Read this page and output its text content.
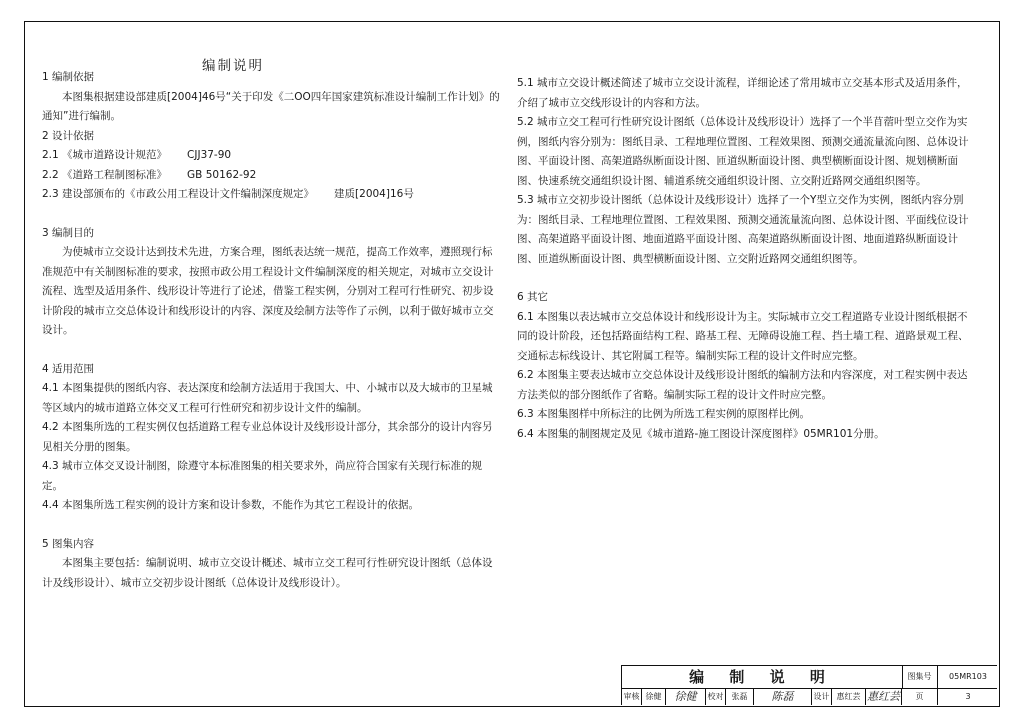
编制说明
1 编制依据
本图集根据建设部建质[2004]46号“关于印发《二OO四年国家建筑标准设计编制工作计划》的通知”进行编制。
2 设计依据
2.1 《城市道路设计规范》 CJJ37-90
2.2 《道路工程制图标准》 GB 50162-92
2.3 建设部颁布的《市政公用工程设计文件编制深度规定》 建质[2004]16号
3 编制目的
为使城市立交设计达到技术先进，方案合理，图纸表达统一规范，提高工作效率，遵照现行标准规范中有关制图标准的要求，按照市政公用工程设计文件编制深度的相关规定，对城市立交设计流程、选型及适用条件、线形设计等进行了论述，借鉴工程实例，分别对工程可行性研究、初步设计阶段的城市立交总体设计和线形设计的内容、深度及绘制方法等作了示例，以利于做好城市立交设计。
4 适用范围
4.1 本图集提供的图纸内容、表达深度和绘制方法适用于我国大、中、小城市以及大城市的卫星城等区域内的城市道路立体交叉工程可行性研究和初步设计文件的编制。
4.2 本图集所选的工程实例仅包括道路工程专业总体设计及线形设计部分，其余部分的设计内容另见相关分册的图集。
4.3 城市立体交叉设计制图，除遵守本标准图集的相关要求外，尚应符合国家有关现行标准的规定。
4.4 本图集所选工程实例的设计方案和设计参数，不能作为其它工程设计的依据。
5 图集内容
本图集主要包括：编制说明、城市立交设计概述、城市立交工程可行性研究设计图纸（总体设计及线形设计）、城市立交初步设计图纸（总体设计及线形设计）。
5.1 城市立交设计概述简述了城市立交设计流程，详细论述了常用城市立交基本形式及适用条件，介绍了城市立交线形设计的内容和方法。
5.2 城市立交工程可行性研究设计图纸（总体设计及线形设计）选择了一个半苜蓿叶型立交作为实例，图纸内容分别为：图纸目录、工程地理位置图、工程效果图、预测交通流量流向图、总体设计图、平面设计图、高架道路纵断面设计图、匝道纵断面设计图、典型横断面设计图、规划横断面图、快速系统交通组织设计图、辅道系统交通组织设计图、立交附近路网交通组织图等。
5.3 城市立交初步设计图纸（总体设计及线形设计）选择了一个Y型立交作为实例，图纸内容分别为：图纸目录、工程地理位置图、工程效果图、预测交通流量流向图、总体设计图、平面线位设计图、高架道路平面设计图、地面道路平面设计图、高架道路纵断面设计图、地面道路纵断面设计图、匝道纵断面设计图、典型横断面设计图、立交附近路网交通组织图等。
6 其它
6.1 本图集以表达城市立交总体设计和线形设计为主。实际城市立交工程道路专业设计图纸根据不同的设计阶段，还包括路面结构工程、路基工程、无障碍设施工程、挡土墙工程、道路景观工程、交通标志标线设计、其它附属工程等。编制实际工程的设计文件时应完整。
6.2 本图集主要表达城市立交总体设计及线形设计图纸的编制方法和内容深度，对工程实例中表达方法类似的部分图纸作了省略。编制实际工程的设计文件时应完整。
6.3 本图集图样中所标注的比例为所选工程实例的原图样比例。
6.4 本图集的制图规定及见《城市道路-施工图设计深度图样》05MR101分册。
编 制 说 明	图集号	05MR103
审核 徐健	徐健	校对	张磊	陈磊	设计 惠红芸 惠红芸	页	3
